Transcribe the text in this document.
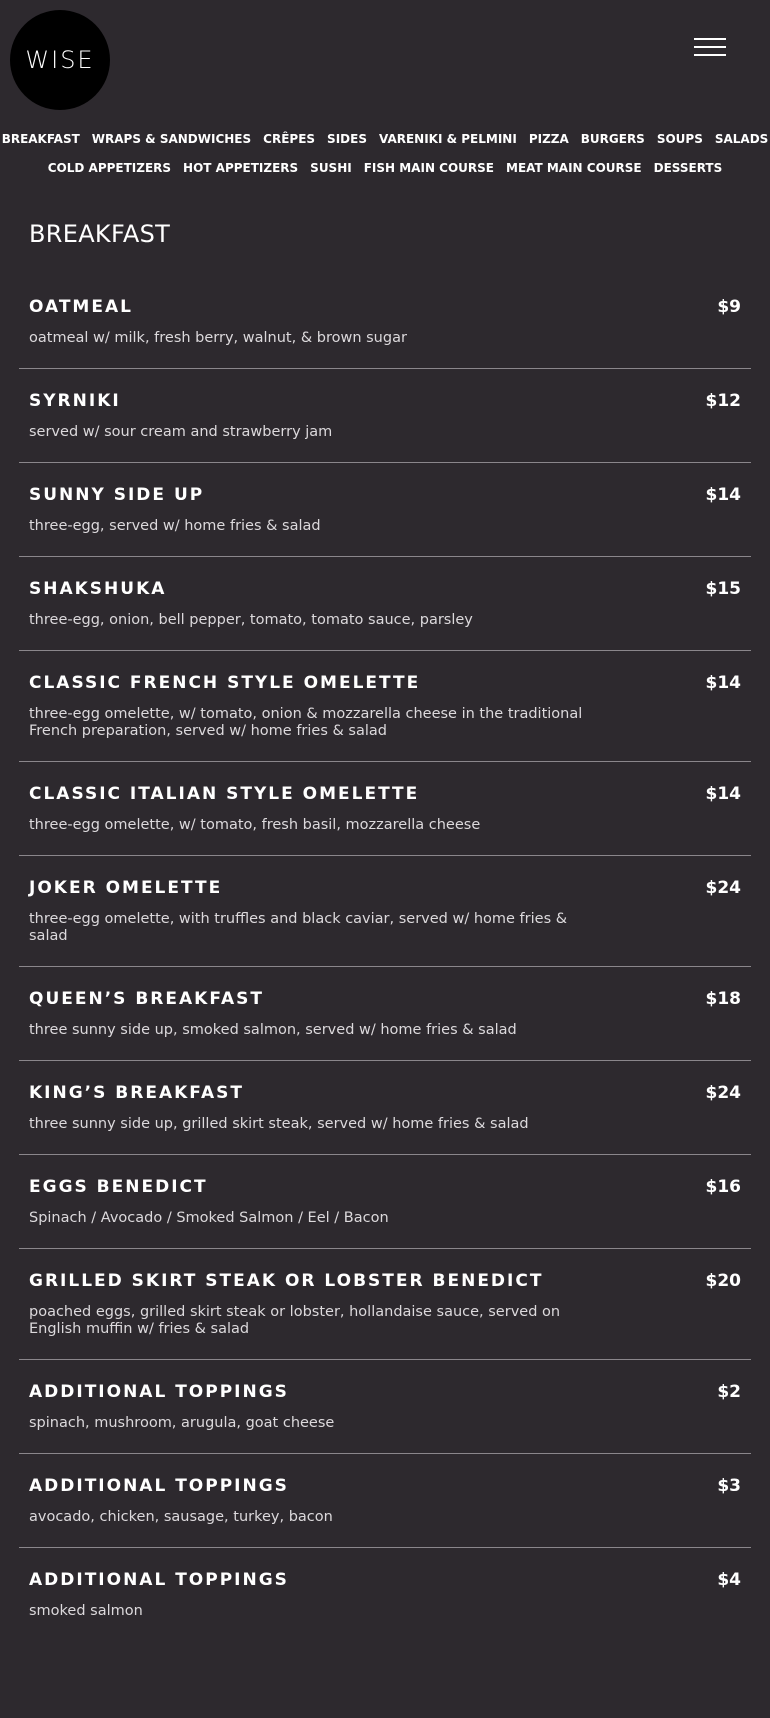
WISE
BREAKFAST WRAPS & SANDWICHES CRÊPES SIDES VARENIKI & PELMINI PIZZA BURGERS SOUPS SALADS
COLD APPETIZERS HOT APPETIZERS SUSHI FISH MAIN COURSE MEAT MAIN COURSE DESSERTS
BREAKFAST
OATMEAL	$9
oatmeal w/ milk, fresh berry, walnut, & brown sugar
SYRNIKI	$12
served w/ sour cream and strawberry jam
SUNNY SIDE UP	$14
three-egg, served w/ home fries & salad
SHAKSHUKA	$15
three-egg, onion, bell pepper, tomato, tomato sauce, parsley
CLASSIC FRENCH STYLE OMELETTE	$14
three-egg omelette, w/ tomato, onion & mozzarella cheese in the traditional French preparation, served w/ home fries & salad
CLASSIC ITALIAN STYLE OMELETTE	$14
three-egg omelette, w/ tomato, fresh basil, mozzarella cheese
JOKER OMELETTE	$24
three-egg omelette, with truffles and black caviar, served w/ home fries & salad
QUEEN’S BREAKFAST	$18
three sunny side up, smoked salmon, served w/ home fries & salad
KING’S BREAKFAST	$24
three sunny side up, grilled skirt steak, served w/ home fries & salad
EGGS BENEDICT	$16
Spinach / Avocado / Smoked Salmon / Eel / Bacon
GRILLED SKIRT STEAK OR LOBSTER BENEDICT	$20
poached eggs, grilled skirt steak or lobster, hollandaise sauce, served on English muffin w/ fries & salad
ADDITIONAL TOPPINGS	$2
spinach, mushroom, arugula, goat cheese
ADDITIONAL TOPPINGS	$3
avocado, chicken, sausage, turkey, bacon
ADDITIONAL TOPPINGS	$4
smoked salmon
